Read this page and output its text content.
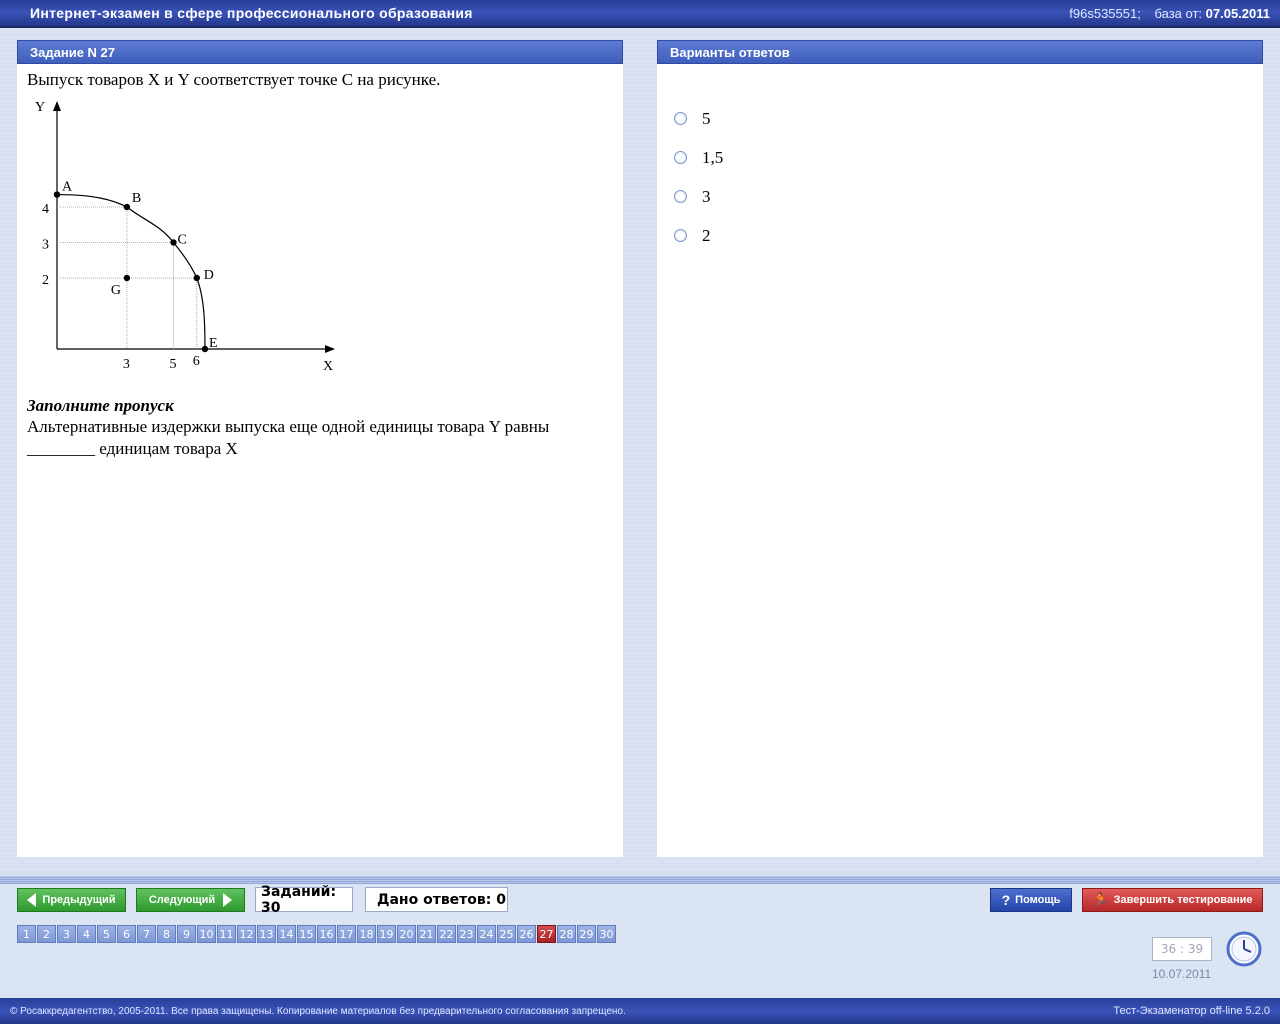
Интернет-экзамен в сфере профессионального образования	f96s535551; база от: 07.05.2011
Задание N 27
Выпуск товаров X и Y соответствует точке C на рисунке.
Заполните пропуск
Альтернативные издержки выпуска еще одной единицы товара Y равны ________ единицам товара X
Y
X
A
B
C
D
E
G
3	5 6
4
3
2
Варианты ответов
5
1,5
3
2
Предыдущий	Следующий
Заданий: 30	Дано ответов: 0	? Помощь 🏃 Завершить тестирование
1	2	3	4	5	6	7	8	9 10 11 12 13 14 15 16 17 18 19 20 21 22 23 24 25 26 27 28 29 30
36 : 39
10.07.2011
© Росаккредагентство, 2005-2011. Все права защищены. Копирование материалов без предварительного согласования запрещено.	Тест-Экзаменатор off-line 5.2.0
